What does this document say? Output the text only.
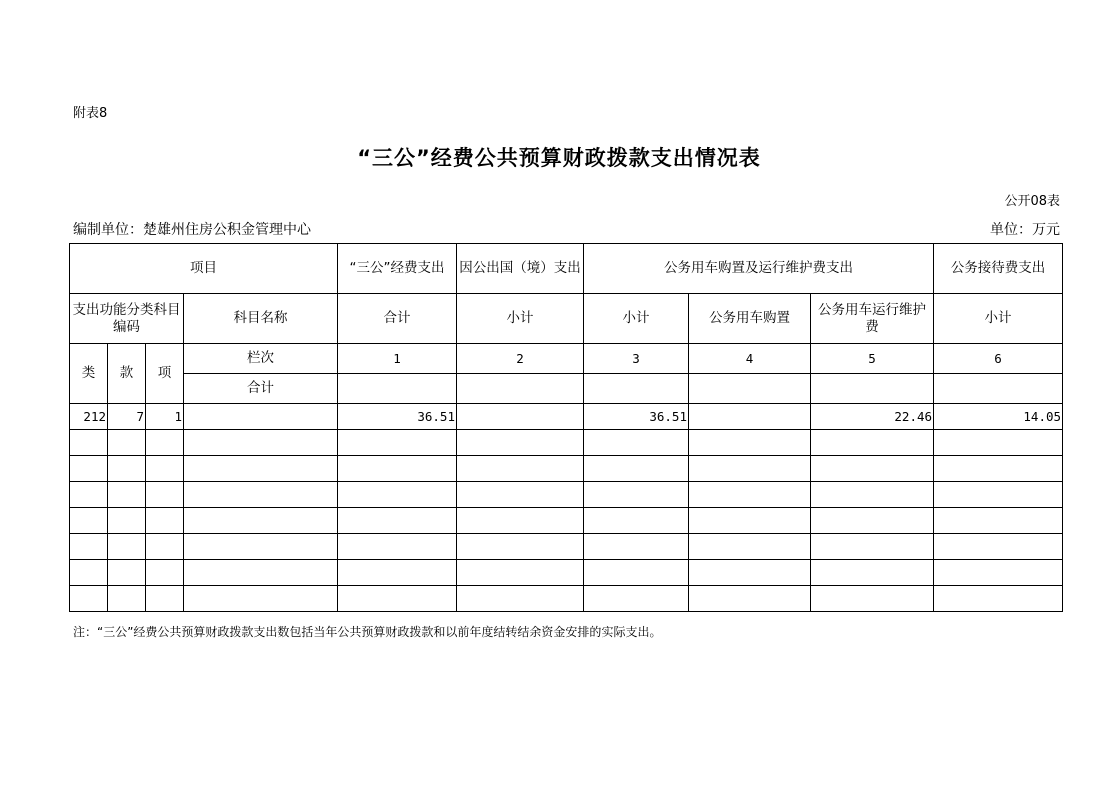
附表8
“三公”经费公共预算财政拨款支出情况表
公开08表
编制单位：楚雄州住房公积金管理中心	单位：万元
项目				“三公”经费支出	因公出国（境）支出	公务用车购置及运行维护费支出			公务接待费支出
支出功能分类科目编码			科目名称	合计	小计	小计	公务用车购置	公务用车运行维护费	小计
类	款	项	栏次	1	2	3	4	5	6
			合计						
212	7	1		36.51		36.51		22.46	14.05

注：“三公”经费公共预算财政拨款支出数包括当年公共预算财政拨款和以前年度结转结余资金安排的实际支出。
